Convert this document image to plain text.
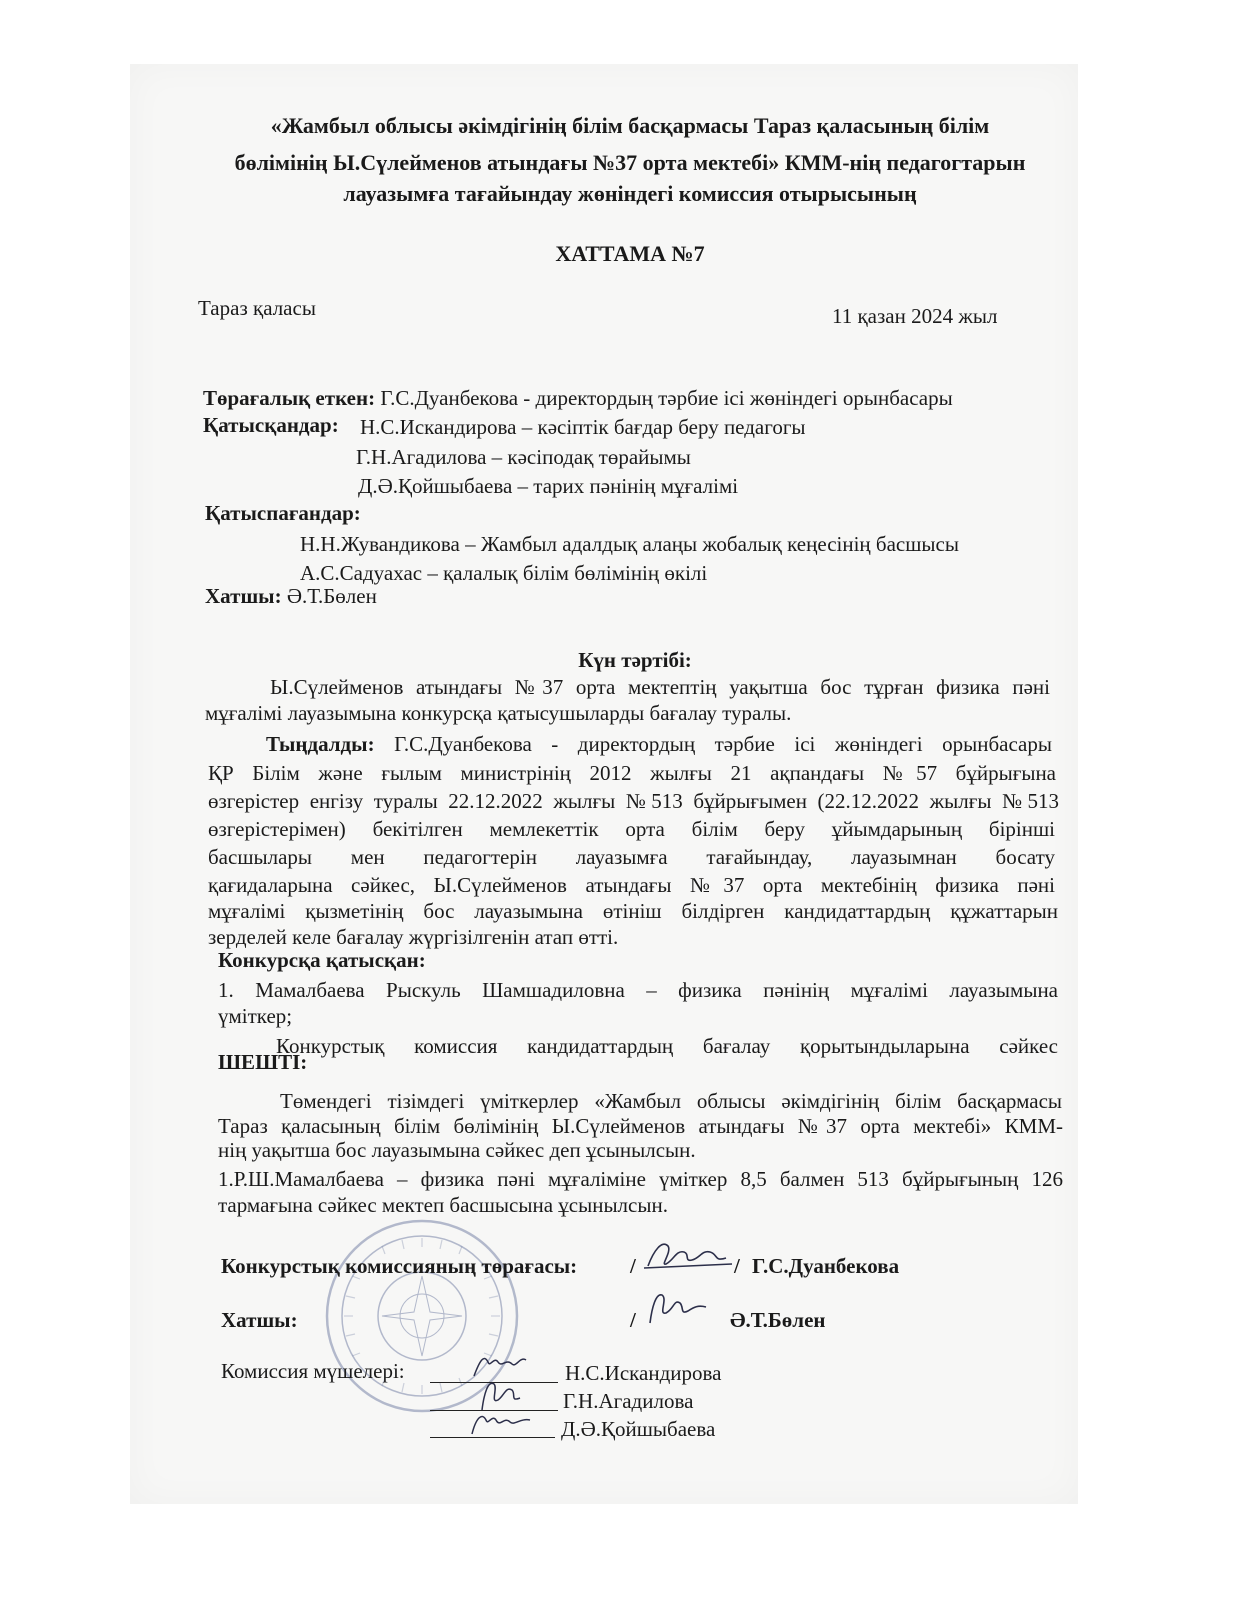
«Жамбыл облысы әкімдігінің білім басқармасы Тараз қаласының білім
бөлімінің Ы.Сүлейменов атындағы №37 орта мектебі» КММ-нің педагогтарын
лауазымға тағайындау жөніндегі комиссия отырысының
ХАТТАМА №7
Тараз қаласы	11 қазан 2024 жыл
Төрағалық еткен: Г.С.Дуанбекова - директордың тәрбие ісі жөніндегі орынбасары
Қатысқандар: Н.С.Искандирова – кәсіптік бағдар беру педагогы
Г.Н.Агадилова – кәсіподақ төрайымы
Д.Ә.Қойшыбаева – тарих пәнінің мұғалімі
Қатыспағандар:
Н.Н.Жувандикова – Жамбыл адалдық алаңы жобалық кеңесінің басшысы
А.С.Садуахас – қалалық білім бөлімінің өкілі
Хатшы: Ә.Т.Бөлен
Күн тәртібі:
Ы.Сүлейменов атындағы №37 орта мектептің уақытша бос тұрған физика пәні
мұғалімі лауазымына конкурсқа қатысушыларды бағалау туралы.
Тыңдалды: Г.С.Дуанбекова - директордың тәрбие ісі жөніндегі орынбасары
ҚР Білім және ғылым министрінің 2012 жылғы 21 ақпандағы №57 бұйрығына
өзгерістер енгізу туралы 22.12.2022 жылғы №513 бұйрығымен (22.12.2022 жылғы №513
өзгерістерімен) бекітілген мемлекеттік орта білім беру ұйымдарының бірінші
басшылары мен педагогтерін лауазымға тағайындау, лауазымнан босату
қағидаларына сәйкес, Ы.Сүлейменов атындағы №37 орта мектебінің физика пәні
мұғалімі қызметінің бос лауазымына өтініш білдірген кандидаттардың құжаттарын
зерделей келе бағалау жүргізілгенін атап өтті.
Конкурсқа қатысқан:
1. Мамалбаева Рыскуль Шамшадиловна – физика пәнінің мұғалімі лауазымына
үміткер;
Конкурстық комиссия кандидаттардың бағалау қорытындыларына сәйкес
ШЕШТІ:
Төмендегі тізімдегі үміткерлер «Жамбыл облысы әкімдігінің білім басқармасы
Тараз қаласының білім бөлімінің Ы.Сүлейменов атындағы №37 орта мектебі» КММ-
нің уақытша бос лауазымына сәйкес деп ұсынылсын.
1.Р.Ш.Мамалбаева – физика пәні мұғаліміне үміткер 8,5 балмен 513 бұйрығының 126
тармағына сәйкес мектеп басшысына ұсынылсын.
Конкурстық комиссияның төрағасы:	/	/ Г.С.Дуанбекова
Хатшы:	/	Ә.Т.Бөлен
Комиссия мүшелері:	Н.С.Искандирова
Г.Н.Агадилова
Д.Ә.Қойшыбаева
